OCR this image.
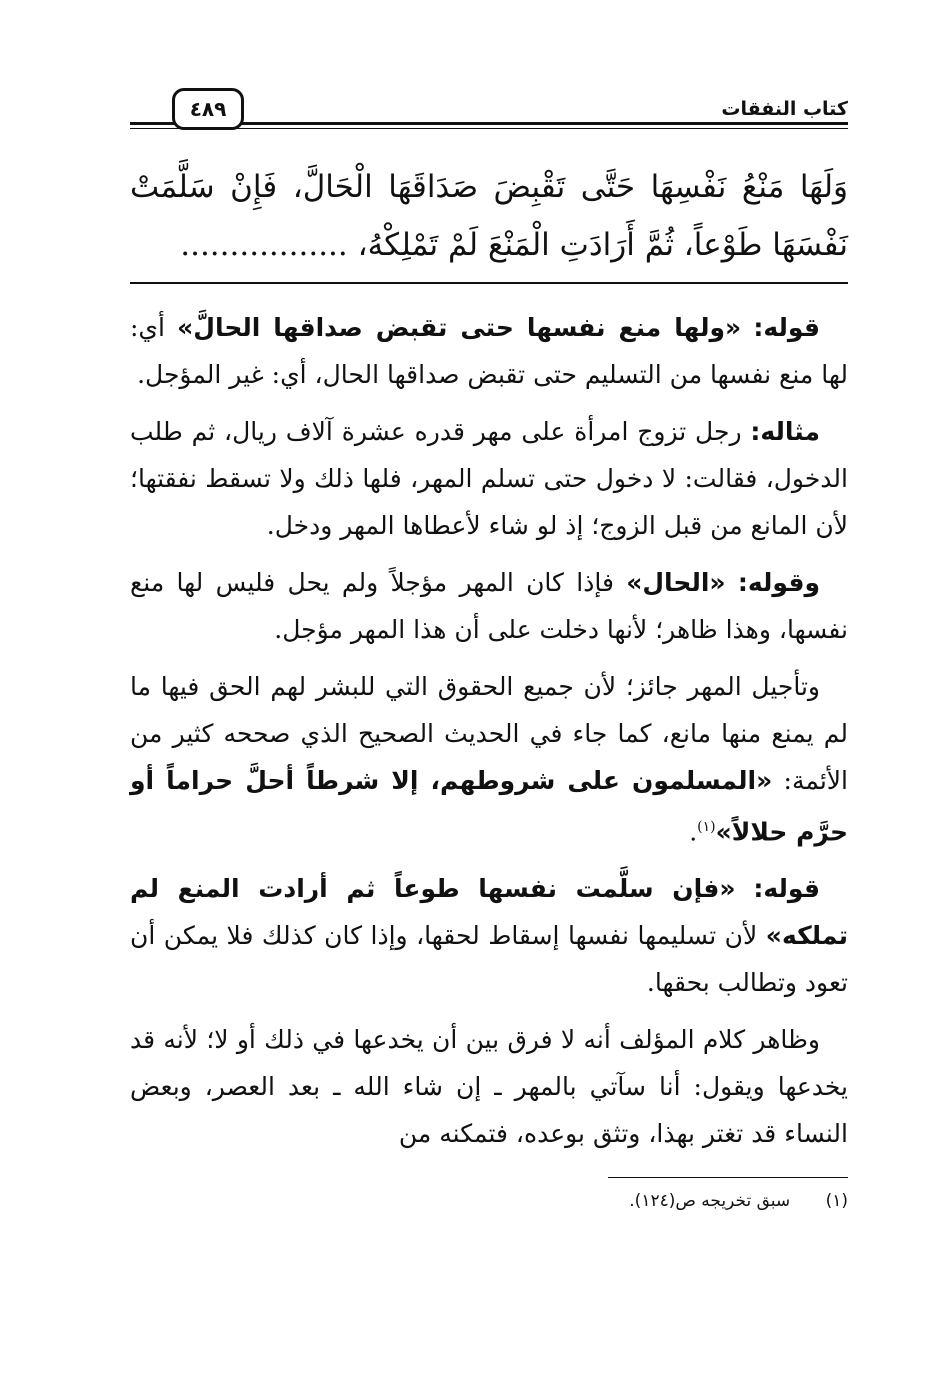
كتاب النفقات
٤٨٩
وَلَهَا مَنْعُ نَفْسِهَا حَتَّى تَقْبِضَ صَدَاقَهَا الْحَالَّ، فَإِنْ سَلَّمَتْ نَفْسَهَا طَوْعاً، ثُمَّ أَرَادَتِ الْمَنْعَ لَمْ تَمْلِكْهُ، .................

قوله: «ولها منع نفسها حتى تقبض صداقها الحالَّ» أي: لها منع نفسها من التسليم حتى تقبض صداقها الحال، أي: غير المؤجل.

مثاله: رجل تزوج امرأة على مهر قدره عشرة آلاف ريال، ثم طلب الدخول، فقالت: لا دخول حتى تسلم المهر، فلها ذلك ولا تسقط نفقتها؛ لأن المانع من قبل الزوج؛ إذ لو شاء لأعطاها المهر ودخل.

وقوله: «الحال» فإذا كان المهر مؤجلاً ولم يحل فليس لها منع نفسها، وهذا ظاهر؛ لأنها دخلت على أن هذا المهر مؤجل.

وتأجيل المهر جائز؛ لأن جميع الحقوق التي للبشر لهم الحق فيها ما لم يمنع منها مانع، كما جاء في الحديث الصحيح الذي صححه كثير من الأئمة: «المسلمون على شروطهم، إلا شرطاً أحلَّ حراماً أو حرَّم حلالاً»$^{(١)}$.

قوله: «فإن سلَّمت نفسها طوعاً ثم أرادت المنع لم تملكه» لأن تسليمها نفسها إسقاط لحقها، وإذا كان كذلك فلا يمكن أن تعود وتطالب بحقها.

وظاهر كلام المؤلف أنه لا فرق بين أن يخدعها في ذلك أو لا؛ لأنه قد يخدعها ويقول: أنا سآتي بالمهر ـ إن شاء الله ـ بعد العصر، وبعض النساء قد تغتر بهذا، وتثق بوعده، فتمكنه من

(١) سبق تخريجه ص(١٢٤).
